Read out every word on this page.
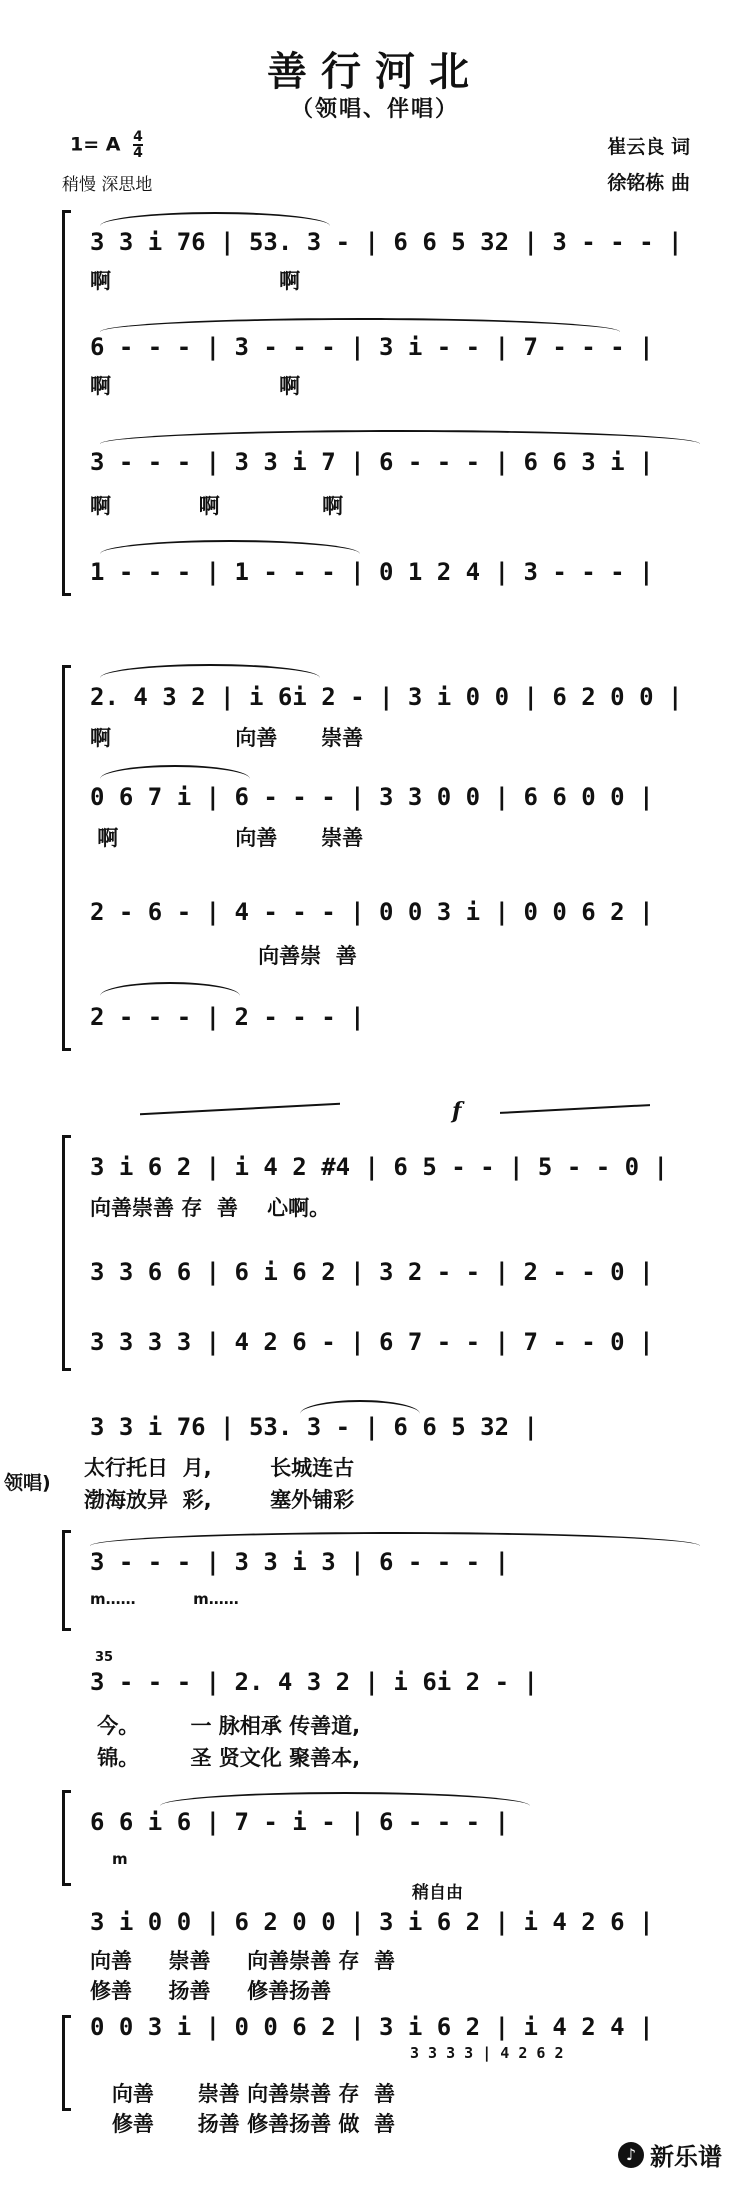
善行河北
（领唱、伴唱）
1= A $\frac{4}{4}$
稍慢 深思地
崔云良 词
徐铭栋 曲
3 3 i 76 | 53. 3 - | 6 6 5 32 | 3 - - - |
啊                       啊
6 - - - | 3 - - - | 3 i - - | 7 - - - |
啊                       啊
3 - - - | 3 3 i 7 | 6 - - - | 6 6 3 i |
啊            啊              啊
1 - - - | 1 - - - | 0 1 2 4 | 3 - - - |
2. 4 3 2 | i 6i 2 - | 3 i 0 0 | 6 2 0 0 |
啊                 向善      崇善
0 6 7 i | 6 - - - | 3 3 0 0 | 6 6 0 0 |
啊                向善      崇善
2 - 6 - | 4 - - - | 0 0 3 i | 0 0 6 2 |
向善崇  善
2 - - - | 2 - - - |
f
3 i 6 2 | i 4 2 #4 | 6 5 - - | 5 - - 0 |
向善崇善 存  善    心啊。
3 3 6 6 | 6 i 6 2 | 3 2 - - | 2 - - 0 |
3 3 3 3 | 4 2 6 - | 6 7 - - | 7 - - 0 |
领唱)
3 3 i 76 | 53. 3 - | 6 6 5 32 |
太行托日  月,        长城连古
渤海放异  彩,        塞外铺彩
3 - - - | 3 3 i 3 | 6 - - - |
m……           m……
35
3 - - - | 2. 4 3 2 | i 6i 2 - |
今。       一 脉相承 传善道,
锦。       圣 贤文化 聚善本,
6 6 i 6 | 7 - i - | 6 - - - |
m
稍自由
3 i 0 0 | 6 2 0 0 | 3 i 6 2 | i 4 2 6 |
向善     崇善     向善崇善 存  善
修善     扬善     修善扬善
0 0 3 i | 0 0 6 2 | 3 i 6 2 | i 4 2 4 |
3 3 3 3 | 4 2 6 2
向善      崇善 向善崇善 存  善
修善      扬善 修善扬善 做  善
♪ 新乐谱
